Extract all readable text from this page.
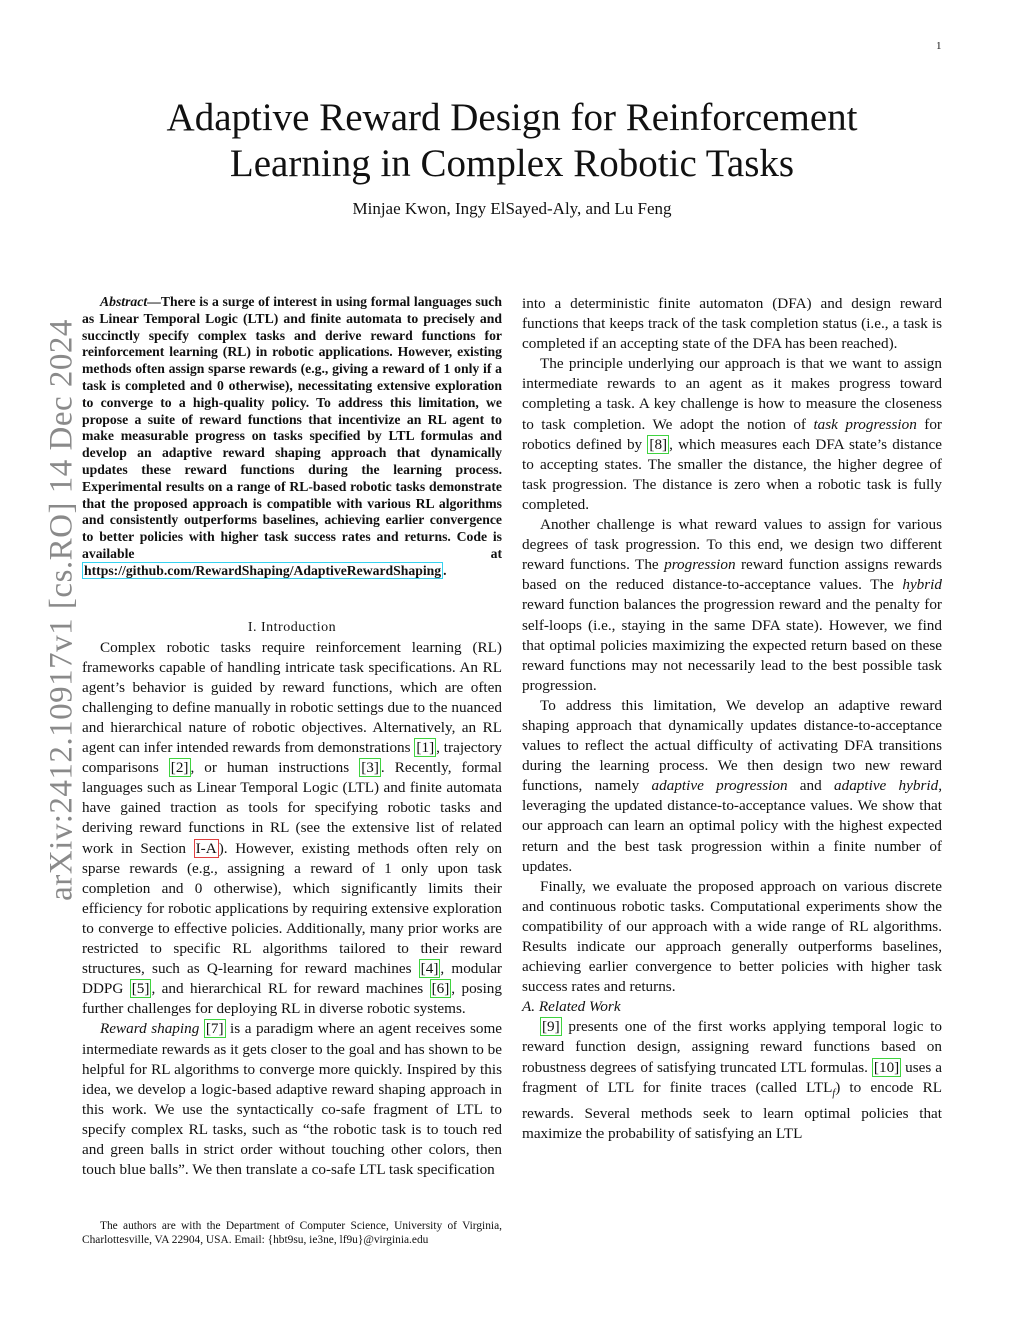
1
arXiv:2412.10917v1 [cs.RO] 14 Dec 2024
Adaptive Reward Design for Reinforcement
Learning in Complex Robotic Tasks
Minjae Kwon, Ingy ElSayed-Aly, and Lu Feng

Abstract—There is a surge of interest in using formal languages such as Linear Temporal Logic (LTL) and finite automata to precisely and succinctly specify complex tasks and derive reward functions for reinforcement learning (RL) in robotic applications. However, existing methods often assign sparse rewards (e.g., giving a reward of 1 only if a task is completed and 0 otherwise), necessitating extensive exploration to converge to a high-quality policy. To address this limitation, we propose a suite of reward functions that incentivize an RL agent to make measurable progress on tasks specified by LTL formulas and develop an adaptive reward shaping approach that dynamically updates these reward functions during the learning process. Experimental results on a range of RL-based robotic tasks demonstrate that the proposed approach is compatible with various RL algorithms and consistently outperforms baselines, achieving earlier convergence to better policies with higher task success rates and returns. Code is available at https://github.com/RewardShaping/AdaptiveRewardShaping .

I. Introduction

Complex robotic tasks require reinforcement learning (RL) frameworks capable of handling intricate task specifications. An RL agent’s behavior is guided by reward functions, which are often challenging to define manually in robotic settings due to the nuanced and hierarchical nature of robotic objectives. Alternatively, an RL agent can infer intended rewards from demonstrations [1] , trajectory comparisons [2] , or human instructions [3] . Recently, formal languages such as Linear Temporal Logic (LTL) and finite automata have gained traction as tools for specifying robotic tasks and deriving reward functions in RL (see the extensive list of related work in Section I-A ). However, existing methods often rely on sparse rewards (e.g., assigning a reward of 1 only upon task completion and 0 otherwise), which significantly limits their efficiency for robotic applications by requiring extensive exploration to converge to effective policies. Additionally, many prior works are restricted to specific RL algorithms tailored to their reward structures, such as Q-learning for reward machines [4] , modular DDPG [5] , and hierarchical RL for reward machines [6] , posing further challenges for deploying RL in diverse robotic systems.

Reward shaping [7] is a paradigm where an agent receives some intermediate rewards as it gets closer to the goal and has shown to be helpful for RL algorithms to converge more quickly. Inspired by this idea, we develop a logic-based adaptive reward shaping approach in this work. We use the syntactically co-safe fragment of LTL to specify complex RL tasks, such as “the robotic task is to touch red and green balls in strict order without touching other colors, then touch blue balls”. We then translate a co-safe LTL task specification

into a deterministic finite automaton (DFA) and design reward functions that keeps track of the task completion status (i.e., a task is completed if an accepting state of the DFA has been reached).

The principle underlying our approach is that we want to assign intermediate rewards to an agent as it makes progress toward completing a task. A key challenge is how to measure the closeness to task completion. We adopt the notion of task progression for robotics defined by [8] , which measures each DFA state’s distance to accepting states. The smaller the distance, the higher degree of task progression. The distance is zero when a robotic task is fully completed.

Another challenge is what reward values to assign for various degrees of task progression. To this end, we design two different reward functions. The progression reward function assigns rewards based on the reduced distance-to-acceptance values. The hybrid reward function balances the progression reward and the penalty for self-loops (i.e., staying in the same DFA state). However, we find that optimal policies maximizing the expected return based on these reward functions may not necessarily lead to the best possible task progression.

To address this limitation, We develop an adaptive reward shaping approach that dynamically updates distance-to-acceptance values to reflect the actual difficulty of activating DFA transitions during the learning process. We then design two new reward functions, namely adaptive progression and adaptive hybrid, leveraging the updated distance-to-acceptance values. We show that our approach can learn an optimal policy with the highest expected return and the best task progression within a finite number of updates.

Finally, we evaluate the proposed approach on various discrete and continuous robotic tasks. Computational experiments show the compatibility of our approach with a wide range of RL algorithms. Results indicate our approach generally outperforms baselines, achieving earlier convergence to better policies with higher task success rates and returns.

A. Related Work

[9] presents one of the first works applying temporal logic to reward function design, assigning reward functions based on robustness degrees of satisfying truncated LTL formulas. [10] uses a fragment of LTL for finite traces (called $LTL_f$) to encode RL rewards. Several methods seek to learn optimal policies that maximize the probability of satisfying an LTL

The authors are with the Department of Computer Science, University of Virginia, Charlottesville, VA 22904, USA. Email: {hbt9su, ie3ne, lf9u}@virginia.edu
